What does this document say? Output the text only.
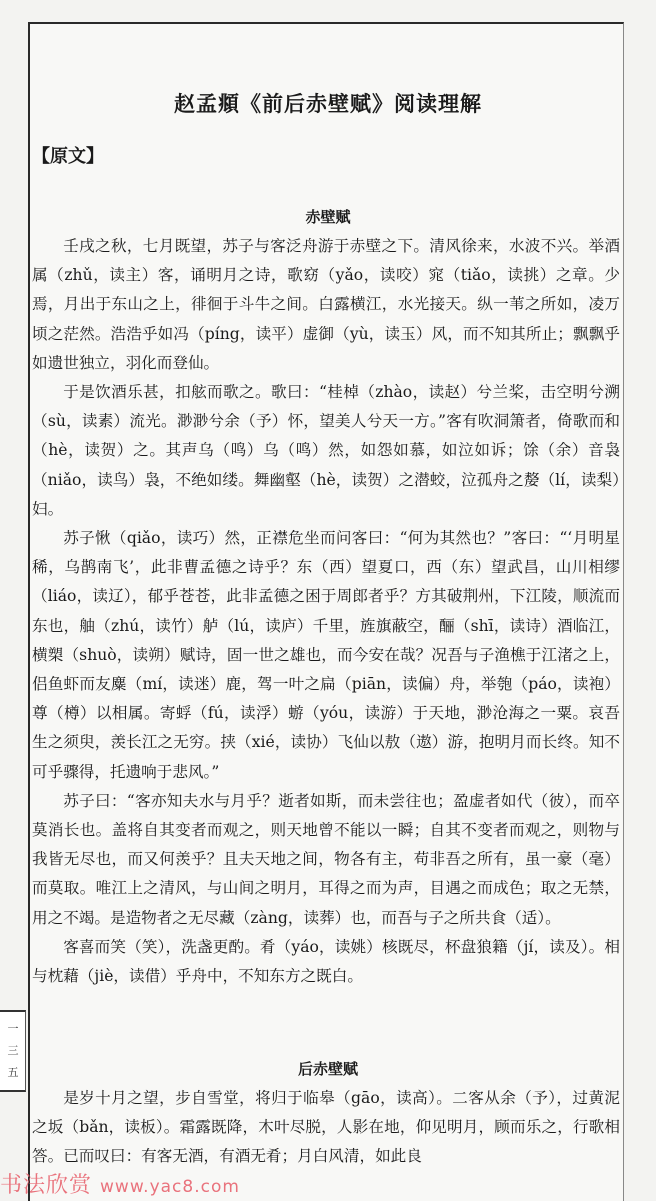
赵孟頫《前后赤壁赋》阅读理解
【原文】
赤壁赋

壬戌之秋，七月既望，苏子与客泛舟游于赤壁之下。清风徐来，水波不兴。举酒属（zhǔ，读主）客，诵明月之诗，歌窈（yǎo，读咬）窕（tiǎo，读挑）之章。少焉，月出于东山之上，徘徊于斗牛之间。白露横江，水光接天。纵一苇之所如，凌万顷之茫然。浩浩乎如冯（píng，读平）虚御（yù，读玉）风，而不知其所止；飘飘乎如遗世独立，羽化而登仙。

于是饮酒乐甚，扣舷而歌之。歌曰：“桂棹（zhào，读赵）兮兰桨，击空明兮溯（sù，读素）流光。渺渺兮余（予）怀，望美人兮天一方。”客有吹洞箫者，倚歌而和（hè，读贺）之。其声乌（鸣）乌（鸣）然，如怨如慕，如泣如诉；馀（余）音袅（niǎo，读鸟）袅，不绝如缕。舞幽壑（hè，读贺）之潜蛟，泣孤舟之嫠（lí，读梨）妇。

苏子愀（qiǎo，读巧）然，正襟危坐而问客曰：“何为其然也？”客曰：“‘月明星稀，乌鹊南飞’，此非曹孟德之诗乎？东（西）望夏口，西（东）望武昌，山川相缪（liáo，读辽），郁乎苍苍，此非孟德之困于周郎者乎？方其破荆州，下江陵，顺流而东也，舳（zhú，读竹）舻（lú，读庐）千里，旌旗蔽空，酾（shī，读诗）酒临江，横槊（shuò，读朔）赋诗，固一世之雄也，而今安在哉？况吾与子渔樵于江渚之上，侣鱼虾而友麋（mí，读迷）鹿，驾一叶之扁（piān，读偏）舟，举匏（páo，读袍）尊（樽）以相属。寄蜉（fú，读浮）蝣（yóu，读游）于天地，渺沧海之一粟。哀吾生之须臾，羡长江之无穷。挟（xié，读协）飞仙以敖（遨）游，抱明月而长终。知不可乎骤得，托遗响于悲风。”

苏子曰：“客亦知夫水与月乎？逝者如斯，而未尝往也；盈虚者如代（彼），而卒莫消长也。盖将自其变者而观之，则天地曾不能以一瞬；自其不变者而观之，则物与我皆无尽也，而又何羡乎？且夫天地之间，物各有主，苟非吾之所有，虽一豪（毫）而莫取。唯江上之清风，与山间之明月，耳得之而为声，目遇之而成色；取之无禁，用之不竭。是造物者之无尽藏（zàng，读葬）也，而吾与子之所共食（适）。

客喜而笑（笑），洗盏更酌。肴（yáo，读姚）核既尽，杯盘狼籍（jí，读及）。相与枕藉（jiè，读借）乎舟中，不知东方之既白。

后赤壁赋

是岁十月之望，步自雪堂，将归于临皋（gāo，读高）。二客从余（予），过黄泥之坂（bǎn，读板）。霜露既降，木叶尽脱，人影在地，仰见明月，顾而乐之，行歌相答。已而叹曰：有客无酒，有酒无肴；月白风清，如此良

一
三
五
书法欣赏 www.yac8.com
